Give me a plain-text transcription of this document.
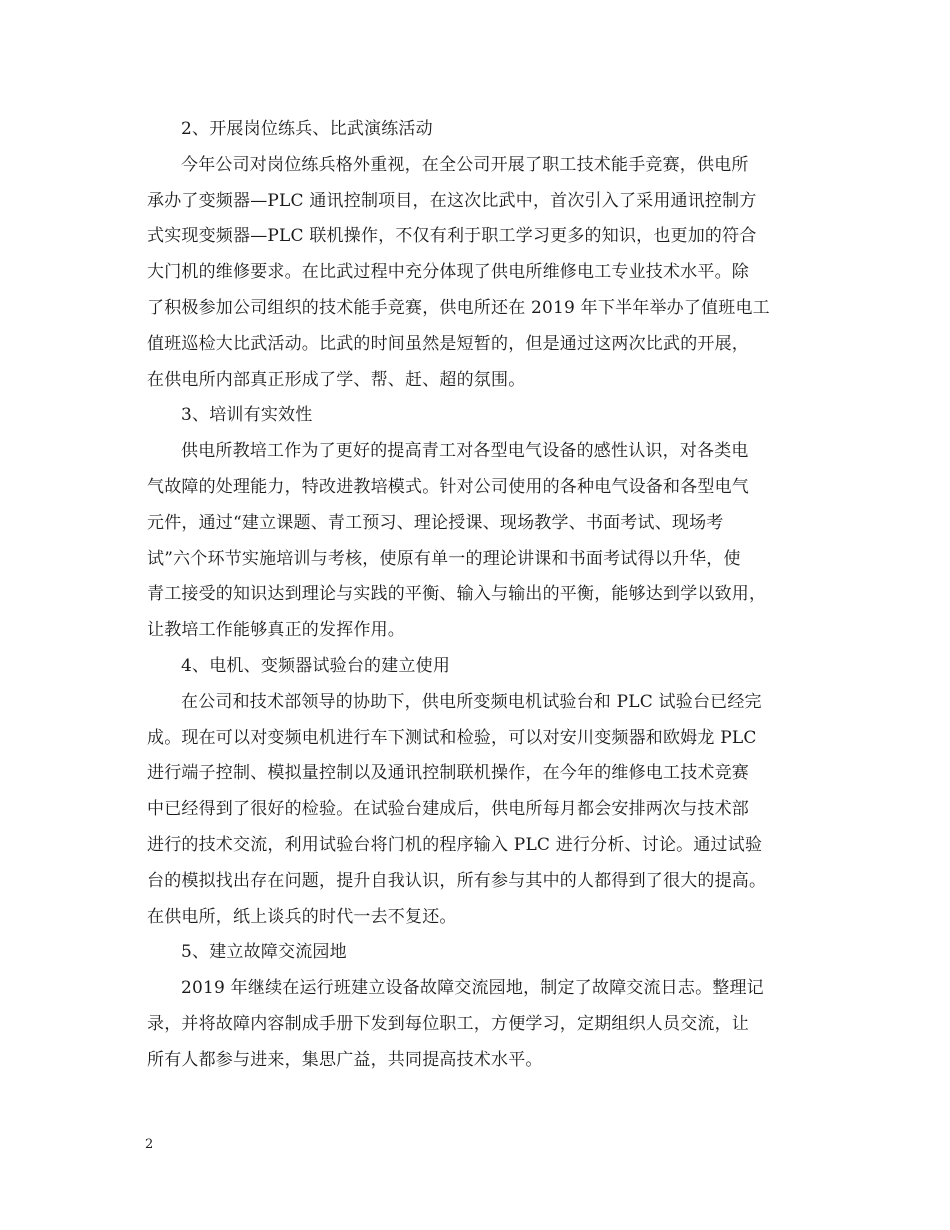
2、开展岗位练兵、比武演练活动
今年公司对岗位练兵格外重视，在全公司开展了职工技术能手竞赛，供电所
承办了变频器—PLC 通讯控制项目，在这次比武中，首次引入了采用通讯控制方
式实现变频器—PLC 联机操作，不仅有利于职工学习更多的知识，也更加的符合
大门机的维修要求。在比武过程中充分体现了供电所维修电工专业技术水平。除
了积极参加公司组织的技术能手竞赛，供电所还在 2019 年下半年举办了值班电工
值班巡检大比武活动。比武的时间虽然是短暂的，但是通过这两次比武的开展，
在供电所内部真正形成了学、帮、赶、超的氛围。
3、培训有实效性
供电所教培工作为了更好的提高青工对各型电气设备的感性认识，对各类电
气故障的处理能力，特改进教培模式。针对公司使用的各种电气设备和各型电气
元件，通过“建立课题、青工预习、理论授课、现场教学、书面考试、现场考
试”六个环节实施培训与考核，使原有单一的理论讲课和书面考试得以升华，使
青工接受的知识达到理论与实践的平衡、输入与输出的平衡，能够达到学以致用，
让教培工作能够真正的发挥作用。
4、电机、变频器试验台的建立使用
在公司和技术部领导的协助下，供电所变频电机试验台和 PLC 试验台已经完
成。现在可以对变频电机进行车下测试和检验，可以对安川变频器和欧姆龙 PLC
进行端子控制、模拟量控制以及通讯控制联机操作，在今年的维修电工技术竞赛
中已经得到了很好的检验。在试验台建成后，供电所每月都会安排两次与技术部
进行的技术交流，利用试验台将门机的程序输入 PLC 进行分析、讨论。通过试验
台的模拟找出存在问题，提升自我认识，所有参与其中的人都得到了很大的提高。
在供电所，纸上谈兵的时代一去不复还。
5、建立故障交流园地
2019 年继续在运行班建立设备故障交流园地，制定了故障交流日志。整理记
录，并将故障内容制成手册下发到每位职工，方便学习，定期组织人员交流，让
所有人都参与进来，集思广益，共同提高技术水平。
2
